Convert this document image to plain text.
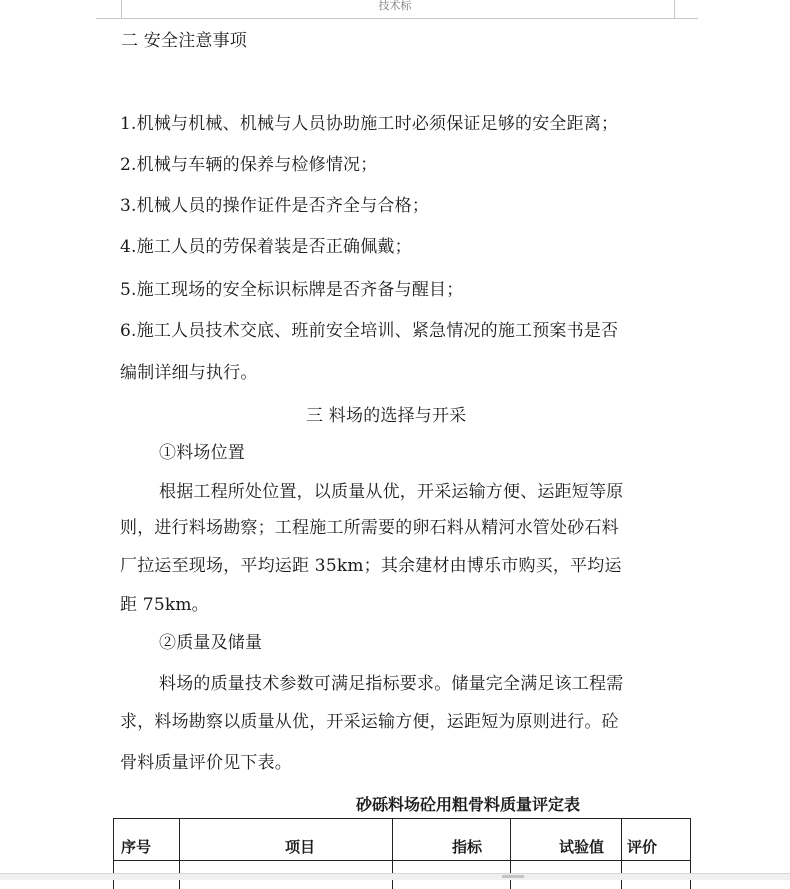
技术标
二 安全注意事项
1.机械与机械、机械与人员协助施工时必须保证足够的安全距离；
2.机械与车辆的保养与检修情况；
3.机械人员的操作证件是否齐全与合格；
4.施工人员的劳保着装是否正确佩戴；
5.施工现场的安全标识标牌是否齐备与醒目；
6.施工人员技术交底、班前安全培训、紧急情况的施工预案书是否
编制详细与执行。
三 料场的选择与开采
①料场位置
根据工程所处位置，以质量从优，开采运输方便、运距短等原
则，进行料场勘察；工程施工所需要的卵石料从精河水管处砂石料
厂拉运至现场，平均运距 35km；其余建材由博乐市购买，平均运
距 75km。
②质量及储量
料场的质量技术参数可满足指标要求。储量完全满足该工程需
求，料场勘察以质量从优，开采运输方便，运距短为原则进行。砼
骨料质量评价见下表。
砂砾料场砼用粗骨料质量评定表
序号	项目	指标	试验值 评价
